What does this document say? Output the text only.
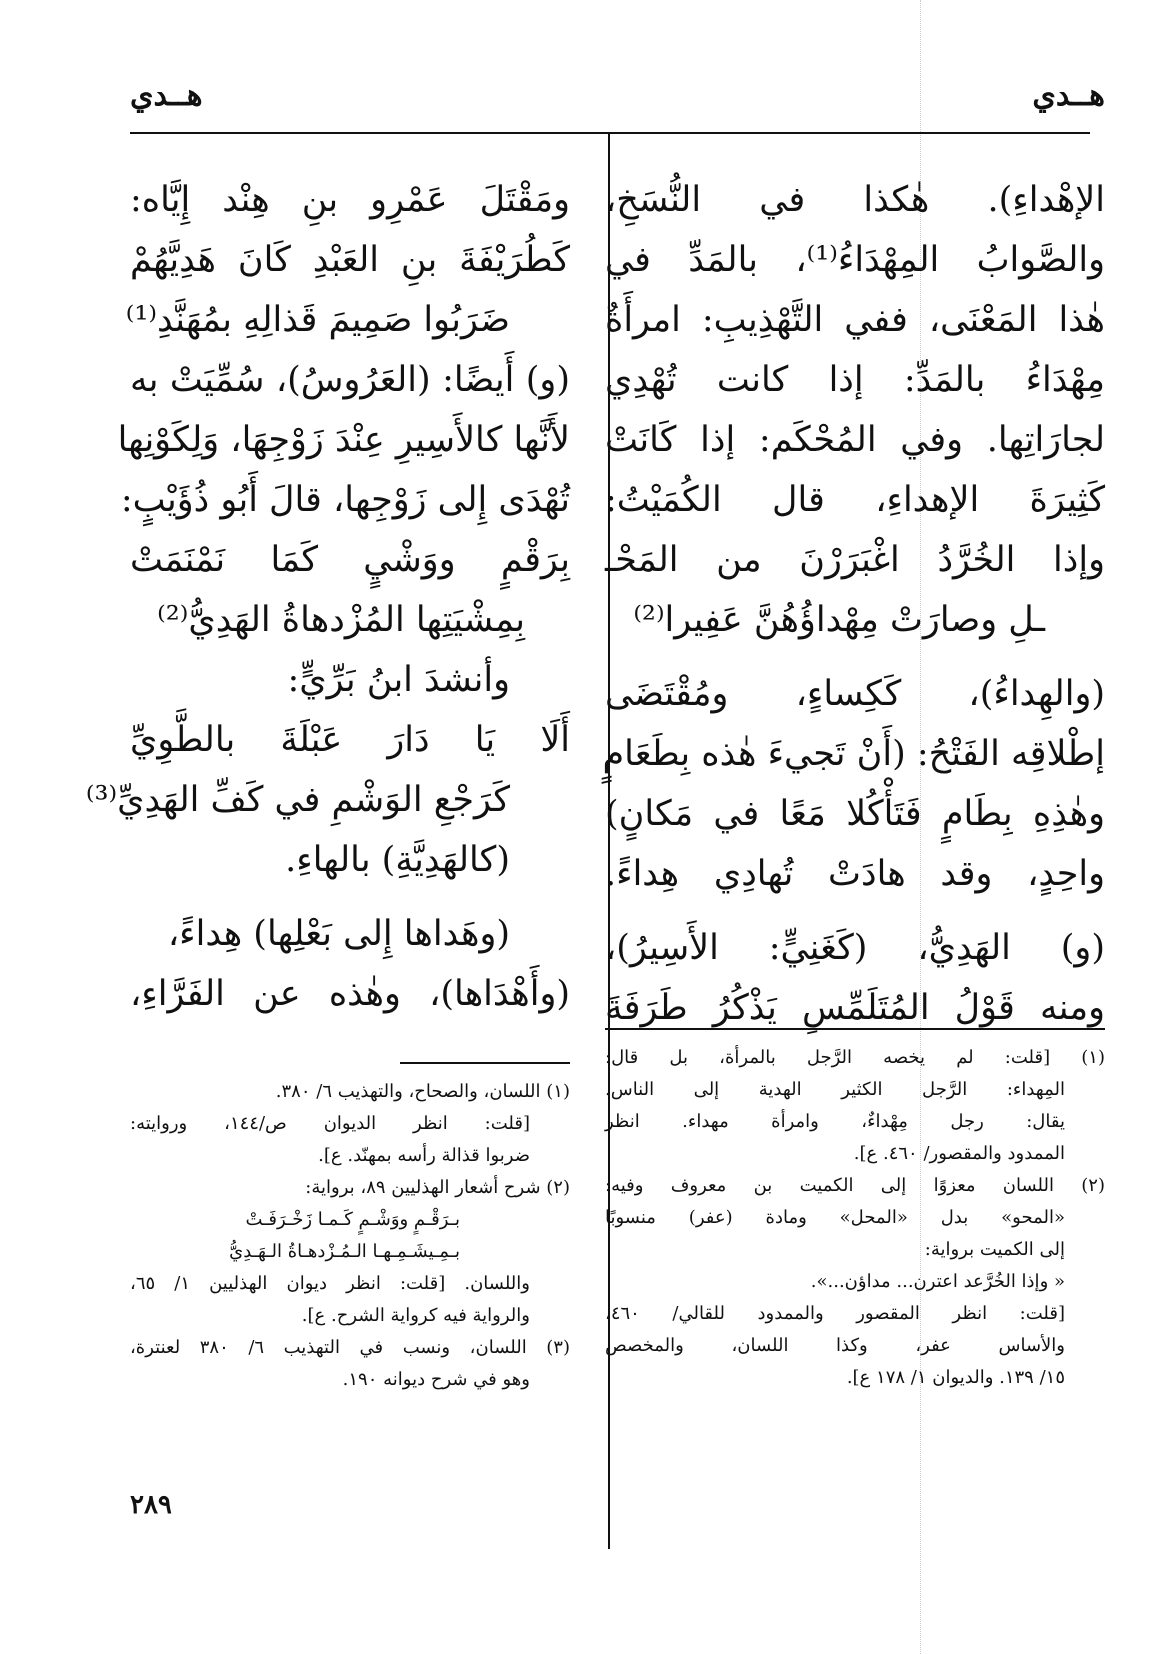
هــدي
هــدي
الإهْداءِ). هٰكذا في النُّسَخِ،
والصَّوابُ المِهْدَاءُ⁽¹⁾، بالمَدِّ في
هٰذا المَعْنَى، ففي التَّهْذِيبِ: امرأَةٌ
مِهْدَاءُ بالمَدِّ: إذا كانت تُهْدِي
لجارَاتِها. وفي المُحْكَم: إذا كَانَتْ
كَثِيرَةَ الإهداءِ، قال الكُمَيْتُ:
وإذا الخُرَّدُ اغْبَرَرْنَ من المَحْـ
ـلِ وصارَتْ مِهْداؤُهُنَّ عَفِيرا⁽²⁾
(والهِداءُ)، كَكِساءٍ، ومُقْتَضَى
إطْلاقِه الفَتْحُ: (أَنْ تَجيءَ هٰذه بِطَعَامٍ
وهٰذِهِ بِطَامٍ فَتَأْكُلا مَعًا في مَكانٍ)
واحِدٍ، وقد هادَتْ تُهادِي هِداءً.
(و) الهَدِيُّ، (كَغَنِيٍّ: الأَسِيرُ)،
ومنه قَوْلُ المُتَلَمِّسِ يَذْكُرُ طَرَفَةَ
ومَقْتَلَ عَمْرِو بنِ هِنْد إِيَّاه:
كَطُرَيْفَةَ بنِ العَبْدِ كَانَ هَدِيَّهُمْ
ضَرَبُوا صَمِيمَ قَذالِهِ بمُهَنَّدِ⁽¹⁾
(و) أَيضًا: (العَرُوسُ)، سُمِّيَتْ به
لأَنَّها كالأَسِيرِ عِنْدَ زَوْجِهَا، وَلِكَوْنِها
تُهْدَى إِلى زَوْجِها، قالَ أَبُو ذُؤَيْبٍ:
بِرَقْمٍ ووَشْيٍ كَمَا نَمْنَمَتْ
بِمِشْيَتِها المُزْدهاةُ الهَدِيُّ⁽²⁾
وأنشدَ ابنُ بَرِّيٍّ:
أَلَا يَا دَارَ عَبْلَةَ بالطَّوِيِّ
كَرَجْعِ الوَشْمِ في كَفِّ الهَدِيِّ⁽³⁾
(كالهَدِيَّةِ) بالهاءِ.
(وهَداها إِلى بَعْلِها) هِداءً،
(وأَهْدَاها)، وهٰذه عن الفَرَّاءِ،
(١) [قلت: لم يخصه الرَّجل بالمرأة، بل قال:
المِهداء: الرَّجل الكثير الهدية إلى الناس.
يقال: رجل مِهْداءٌ، وامرأة مهداء. انظر
الممدود والمقصور/ ٤٦٠. ع].
(٢) اللسان معزوًا إلى الكميت بن معروف وفيه:
«المحو» بدل «المحل» ومادة (عفر) منسوبًا
إلى الكميت برواية:
« وإذا الخُرَّعد اعترن... مداؤن...».
[قلت: انظر المقصور والممدود للقالي/ ٤٦٠،
والأساس عفر، وكذا اللسان، والمخصص
١٥/ ١٣٩. والديوان ١/ ١٧٨ ع].
(١) اللسان، والصحاح، والتهذيب ٦/ ٣٨٠.
[قلت: انظر الديوان ص/١٤٤، وروايته:
ضربوا قذالة رأسه بمهنّد. ع].
(٢) شرح أشعار الهذليين ٨٩، برواية:
بـرَقْـمٍ ووَشْـمٍ كَـمـا زَخْـرَفَـتْ
بـمِـيشَـمِـهـا الـمُـزْدهـاةُ الـهَـدِيُّ
واللسان. [قلت: انظر ديوان الهذليين ١/ ٦٥،
والرواية فيه كرواية الشرح. ع].
(٣) اللسان، ونسب في التهذيب ٦/ ٣٨٠ لعنترة،
وهو في شرح ديوانه ١٩٠.
٢٨٩
